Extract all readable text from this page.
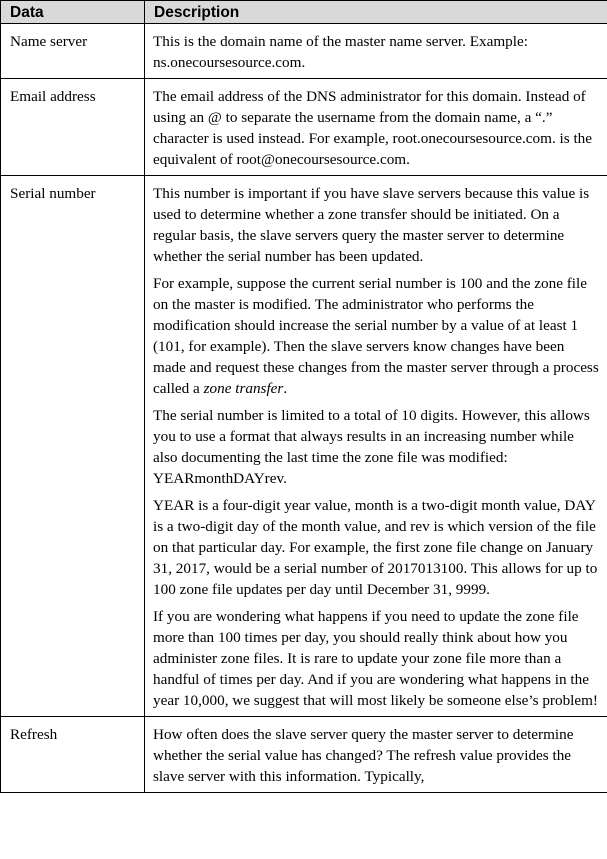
Data	Description
Name server	This is the domain name of the master name server. Example: ns.onecoursesource.com.

Email address	The email address of the DNS administrator for this domain. Instead of using an @ to separate the username from the domain name, a “.” character is used instead. For example, root.onecoursesource.com. is the equivalent of root@onecoursesource.com.

Serial number	This number is important if you have slave servers because this value is used to determine whether a zone transfer should be initiated. On a regular basis, the slave servers query the master server to determine whether the serial number has been updated.

For example, suppose the current serial number is 100 and the zone file on the master is modified. The administrator who performs the modification should increase the serial number by a value of at least 1 (101, for example). Then the slave servers know changes have been made and request these changes from the master server through a process called a zone transfer.

The serial number is limited to a total of 10 digits. However, this allows you to use a format that always results in an increasing number while also documenting the last time the zone file was modified: YEARmonthDAYrev.

YEAR is a four-digit year value, month is a two-digit month value, DAY is a two-digit day of the month value, and rev is which version of the file on that particular day. For example, the first zone file change on January 31, 2017, would be a serial number of 2017013100. This allows for up to 100 zone file updates per day until December 31, 9999.

If you are wondering what happens if you need to update the zone file more than 100 times per day, you should really think about how you administer zone files. It is rare to update your zone file more than a handful of times per day. And if you are wondering what happens in the year 10,000, we suggest that will most likely be someone else’s problem!

Refresh	How often does the slave server query the master server to determine whether the serial value has changed? The refresh value provides the slave server with this information. Typically,
